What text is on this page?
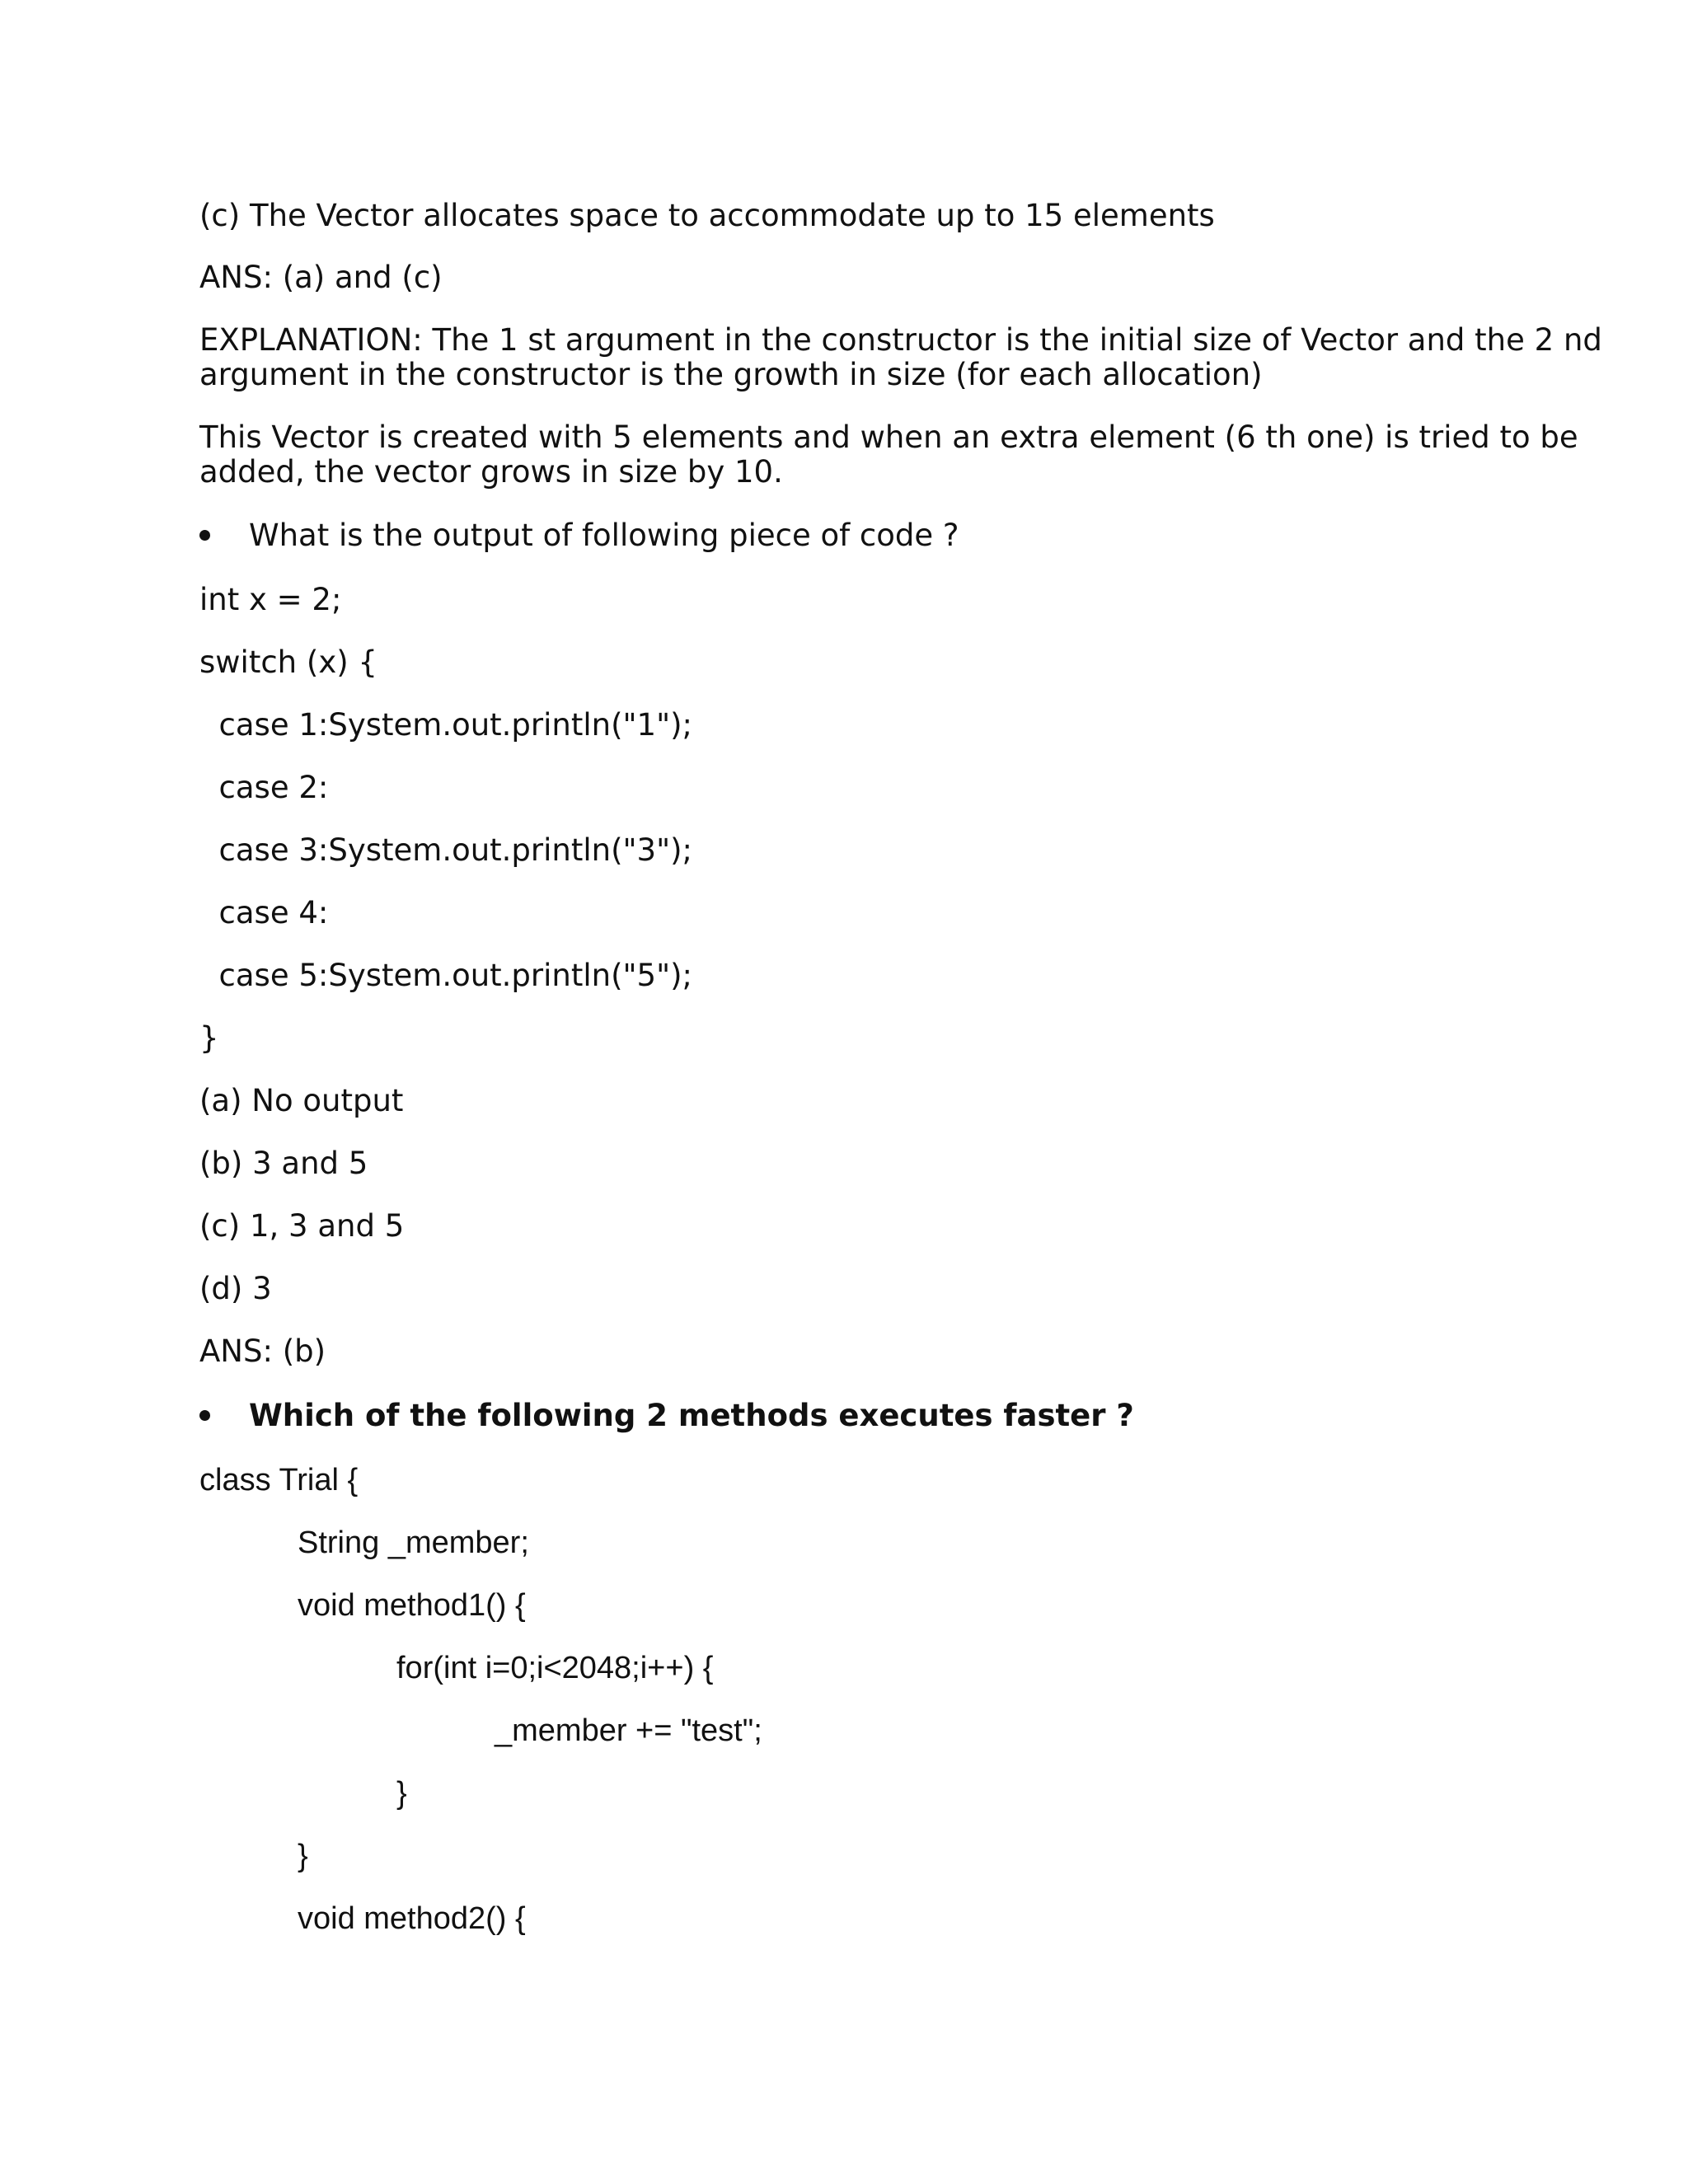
(c) The Vector allocates space to accommodate up to 15 elements
ANS: (a) and (c)
EXPLANATION: The 1 st argument in the constructor is the initial size of Vector and the 2 nd
argument in the constructor is the growth in size (for each allocation)
This Vector is created with 5 elements and when an extra element (6 th one) is tried to be
added, the vector grows in size by 10.
What is the output of following piece of code ?
int x = 2;
switch (x) {
case 1:System.out.println("1");
case 2:
case 3:System.out.println("3");
case 4:
case 5:System.out.println("5");
}
(a) No output
(b) 3 and 5
(c) 1, 3 and 5
(d) 3
ANS: (b)
Which of the following 2 methods executes faster ?
class Trial {
String _member;
void method1() {
for(int i=0;i<2048;i++) {
_member += "test";
}
}
void method2() {
